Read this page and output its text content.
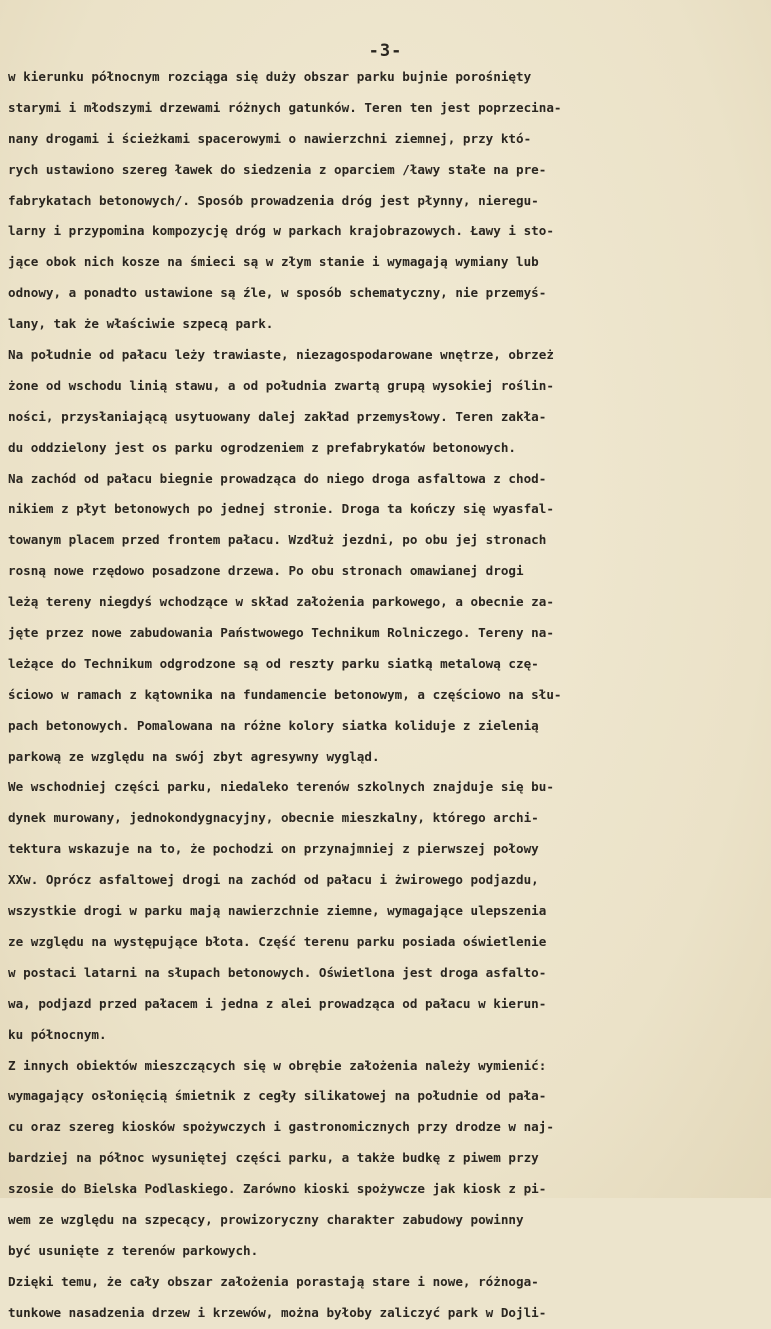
-3-
w kierunku północnym rozciąga się duży obszar parku bujnie porośnięty
starymi i młodszymi drzewami różnych gatunków. Teren ten jest poprzecina-
nany drogami i ścieżkami spacerowymi o nawierzchni ziemnej, przy któ-
rych ustawiono szereg ławek do siedzenia z oparciem /ławy stałe na pre-
fabrykatach betonowych/. Sposób prowadzenia dróg jest płynny, nieregu-
larny i przypomina kompozycję dróg w parkach krajobrazowych. Ławy i sto-
jące obok nich kosze na śmieci są w złym stanie i wymagają wymiany lub
odnowy, a ponadto ustawione są źle, w sposób schematyczny, nie przemyś-
lany, tak że właściwie szpecą park.
Na południe od pałacu leży trawiaste, niezagospodarowane wnętrze, obrzeż
żone od wschodu linią stawu, a od południa zwartą grupą wysokiej roślin-
ności, przysłaniającą usytuowany dalej zakład przemysłowy. Teren zakła-
du oddzielony jest os parku ogrodzeniem z prefabrykatów betonowych.
Na zachód od pałacu biegnie prowadząca do niego droga asfaltowa z chod-
nikiem z płyt betonowych po jednej stronie. Droga ta kończy się wyasfal-
towanym placem przed frontem pałacu. Wzdłuż jezdni, po obu jej stronach
rosną nowe rzędowo posadzone drzewa. Po obu stronach omawianej drogi
leżą tereny niegdyś wchodzące w skład założenia parkowego, a obecnie za-
jęte przez nowe zabudowania Państwowego Technikum Rolniczego. Tereny na-
leżące do Technikum odgrodzone są od reszty parku siatką metalową czę-
ściowo w ramach z kątownika na fundamencie betonowym, a częściowo na słu-
pach betonowych. Pomalowana na różne kolory siatka koliduje z zielenią
parkową ze względu na swój zbyt agresywny wygląd.
We wschodniej części parku, niedaleko terenów szkolnych znajduje się bu-
dynek murowany, jednokondygnacyjny, obecnie mieszkalny, którego archi-
tektura wskazuje na to, że pochodzi on przynajmniej z pierwszej połowy
XXw. Oprócz asfaltowej drogi na zachód od pałacu i żwirowego podjazdu,
wszystkie drogi w parku mają nawierzchnie ziemne, wymagające ulepszenia
ze względu na występujące błota. Część terenu parku posiada oświetlenie
w postaci latarni na słupach betonowych. Oświetlona jest droga asfalto-
wa, podjazd przed pałacem i jedna z alei prowadząca od pałacu w kierun-
ku północnym.
Z innych obiektów mieszczących się w obrębie założenia należy wymienić:
wymagający osłonięcią śmietnik z cegły silikatowej na południe od pała-
cu oraz szereg kiosków spożywczych i gastronomicznych przy drodze w naj-
bardziej na północ wysuniętej części parku, a także budkę z piwem przy
szosie do Bielska Podlaskiego. Zarówno kioski spożywcze jak kiosk z pi-
wem ze względu na szpecący, prowizoryczny charakter zabudowy powinny
być usunięte z terenów parkowych.
Dzięki temu, że cały obszar założenia porastają stare i nowe, różnoga-
tunkowe nasadzenia drzew i krzewów, można byłoby zaliczyć park w Dojli-
